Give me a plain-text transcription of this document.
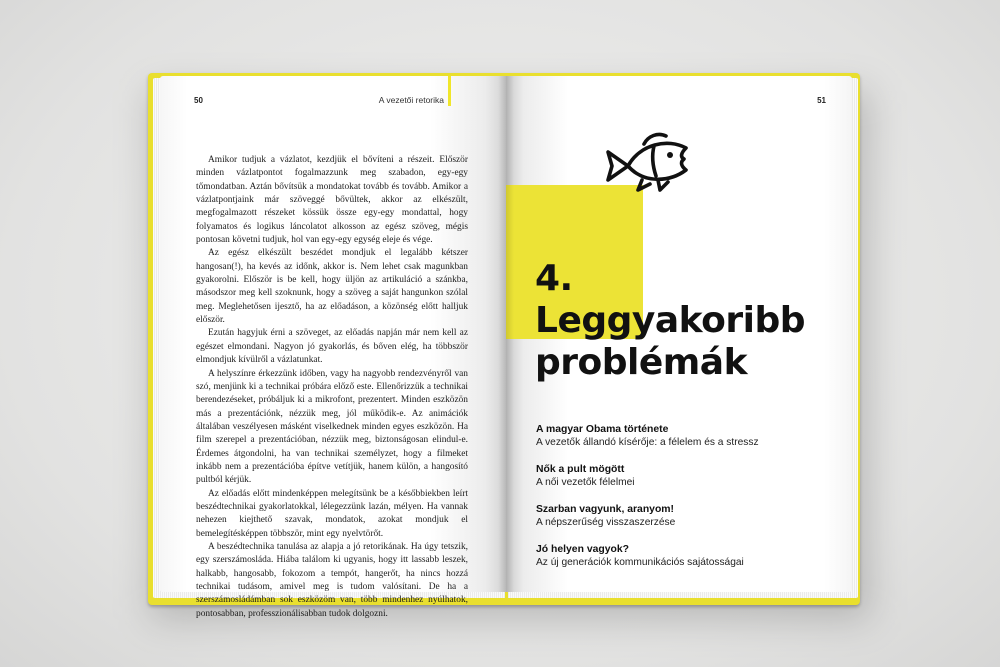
50	A vezetői retorika

Amikor tudjuk a vázlatot, kezdjük el bővíteni a részeit. Először minden vázlatpontot fogalmazzunk meg szabadon, egy-egy tőmondatban. Aztán bővítsük a mondatokat tovább és tovább. Amikor a vázlatpontjaink már szöveggé bővültek, akkor az elkészült, megfogalmazott részeket kössük össze egy-egy mondattal, hogy folyamatos és logikus láncolatot alkosson az egész szöveg, mégis pontosan követni tudjuk, hol van egy-egy egység eleje és vége.

Az egész elkészült beszédet mondjuk el legalább kétszer hangosan(!), ha kevés az időnk, akkor is. Nem lehet csak magunkban gyakorolni. Először is be kell, hogy üljön az artikuláció a szánkba, másodszor meg kell szoknunk, hogy a szöveg a saját hangunkon szólal meg. Meglehetősen ijesztő, ha az előadáson, a közönség előtt halljuk először.

Ezután hagyjuk érni a szöveget, az előadás napján már nem kell az egészet elmondani. Nagyon jó gyakorlás, és bőven elég, ha többször elmondjuk kívülről a vázlatunkat.

A helyszínre érkezzünk időben, vagy ha nagyobb rendezvényről van szó, menjünk ki a technikai próbára előző este. Ellenőrizzük a technikai berendezéseket, próbáljuk ki a mikrofont, prezentert. Minden eszközön más a prezentációnk, nézzük meg, jól működik-e. Az animációk általában veszélyesen másként viselkednek minden egyes eszközön. Ha film szerepel a prezentációban, nézzük meg, biztonságosan elindul-e. Érdemes átgondolni, ha van technikai személyzet, hogy a filmeket inkább nem a prezentációba építve vetítjük, hanem külön, a hangosító pultból kérjük.

Az előadás előtt mindenképpen melegítsünk be a későbbiekben leírt beszédtechnikai gyakorlatokkal, lélegezzünk lazán, mélyen. Ha vannak nehezen kiejthető szavak, mondatok, azokat mondjuk el bemelegítésképpen többször, mint egy nyelvtörőt.

A beszédtechnika tanulása az alapja a jó retorikának. Ha úgy tetszik, egy szerszámosláda. Hiába találom ki ugyanis, hogy itt lassabb leszek, halkabb, hangosabb, fokozom a tempót, hangerőt, ha nincs hozzá technikai tudásom, amivel meg is tudom valósítani. De ha a szerszámosládámban sok eszközöm van, több mindenhez nyúlhatok, pontosabban, professzionálisabban tudok dolgozni.

51
4.
Leggyakoribb
problémák
A magyar Obama története
A vezetők állandó kísérője: a félelem és a stressz
Nők a pult mögött
A női vezetők félelmei
Szarban vagyunk, aranyom!
A népszerűség visszaszerzése
Jó helyen vagyok?
Az új generációk kommunikációs sajátosságai
